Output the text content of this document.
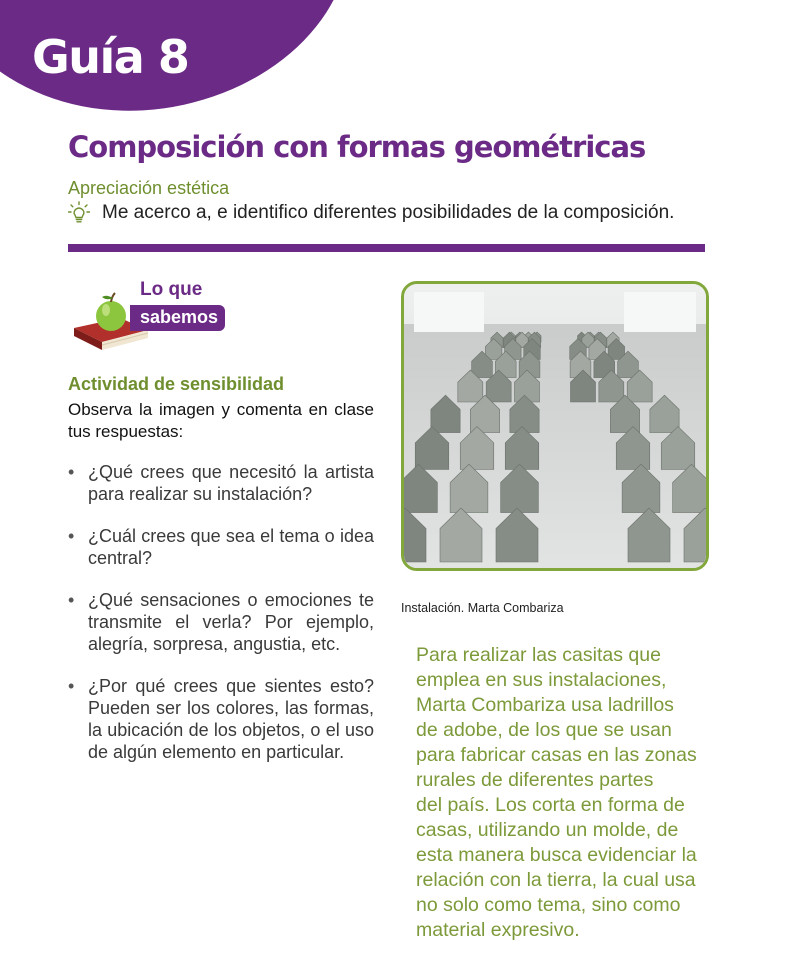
Guía 8
Composición con formas geométricas
Apreciación estética
Me acerco a, e identifico diferentes posibilidades de la composición.
Lo que
sabemos
Actividad de sensibilidad
Observa la imagen y comenta en clase tus respuestas:
• ¿Qué crees que necesitó la artista para realizar su instalación?
• ¿Cuál crees que sea el tema o idea central?
• ¿Qué sensaciones o emociones te transmite el verla? Por ejemplo, alegría, sorpresa, angustia, etc.
• ¿Por qué crees que sientes esto? Pueden ser los colores, las formas, la ubicación de los objetos, o el uso de algún elemento en particular.
Instalación. Marta Combariza
Para realizar las casitas que
emplea en sus instalaciones,
Marta Combariza usa ladrillos
de adobe, de los que se usan
para fabricar casas en las zonas
rurales de diferentes partes
del país. Los corta en forma de
casas, utilizando un molde, de
esta manera busca evidenciar la
relación con la tierra, la cual usa
no solo como tema, sino como
material expresivo.
